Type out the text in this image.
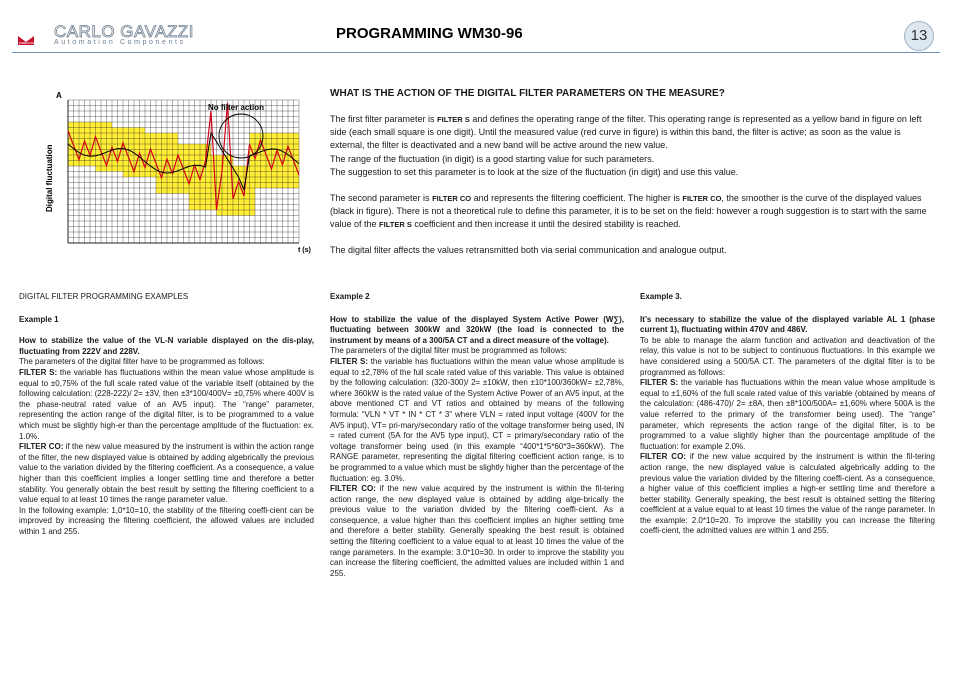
CARLO GAVAZZI
CARLO GAVAZZI
Automation Components
PROGRAMMING WM30-96	13
A
Digital fluctuation
t (s)
No filter action
WHAT IS THE ACTION OF THE DIGITAL FILTER PARAMETERS ON THE MEASURE?
The first filter parameter is FILTER S and defines the operating range of the filter. This operating range is represented as a yellow band in figure on left side (each small square is one digit). Until the measured value (red curve in figure) is within this band, the filter is active; as soon as the value is external, the filter is deactivated and a new band will be active around the new value.
The range of the fluctuation (in digit) is a good starting value for such parameters.
The suggestion to set this parameter is to look at the size of the fluctuation (in digit) and use this value.
The second parameter is FILTER CO and represents the filtering coefficient. The higher is FILTER CO, the smoother is the curve of the displayed values (black in figure). There is not a theoretical rule to define this parameter, it is to be set on the field: however a rough suggestion is to start with the same value of the FILTER S coefficient and then increase it until the desired stability is reached.
The digital filter affects the values retransmitted both via serial communication and analogue output.

DIGITAL FILTER PROGRAMMING EXAMPLES

Example 1

How to stabilize the value of the VL-N variable displayed on the dis-play, fluctuating from 222V and 228V.

The parameters of the digital filter have to be programmed as follows:

FILTER S: the variable has fluctuations within the mean value whose amplitude is equal to ±0,75% of the full scale rated value of the variable itself (obtained by the following calculation: (228-222)/ 2= ±3V, then ±3*100/400V= ±0,75% where 400V is the phase-neutral rated value of an AV5 input). The “range” parameter, representing the action range of the digital filter, is to be programmed to a value which must be slightly high-er than the percentage amplitude of the fluctuation: ex. 1.0%.

FILTER CO: if the new value measured by the instrument is within the action range of the filter, the new displayed value is obtained by adding algebrically the previous value to the variation divided by the filtering coefficient. As a consequence, a value higher than this coefficient implies a longer settling time and therefore a better stability. You generally obtain the best result by setting the filtering coefficient to a value equal to at least 10 times the range parameter value.

In the following example: 1,0*10=10, the stability of the filtering coeffi-cient can be improved by increasing the filtering coefficient, the allowed values are included within 1 and 255.

Example 2

How to stabilize the value of the displayed System Active Power (W∑), fluctuating between 300kW and 320kW (the load is connected to the instrument by means of a 300/5A CT and a direct measure of the voltage).

The parameters of the digital filter must be programmed as follows:

FILTER S: the variable has fluctuations within the mean value whose amplitude is equal to ±2,78% of the full scale rated value of this variable. This value is obtained by the following calculation: (320-300)/ 2= ±10kW, then ±10*100/360kW= ±2,78%, where 360kW is the rated value of the System Active Power of an AV5 input, at the above mentioned CT and VT ratios and obtained by means of the following formula: “VLN * VT * IN * CT * 3” where VLN = rated input voltage (400V for the AV5 input), VT= pri-mary/secondary ratio of the voltage transformer being used, IN = rated current (5A for the AV5 type input), CT = primary/secondary ratio of the voltage transformer being used (in this example “400*1*5*60*3=360kW). The RANGE parameter, representing the digital filtering coefficient action range, is to be programmed to a value which must be slightly higher than the percentage of the fluctuation: eg. 3.0%.

FILTER CO: if the new value acquired by the instrument is within the fil-tering action range, the new displayed value is obtained by adding alge-brically the previous value to the variation divided by the filtering coeffi-cient. As a consequence, a value higher than this coefficient implies an higher settling time and therefore a better stability. Generally speaking the best result is obtained setting the filtering coefficient to a value equal to at least 10 times the value of the range parameters. In the example: 3.0*10=30. In order to improve the stability you can increase the filtering coefficient, the admitted values are included within 1 and 255.

Example 3.

It’s necessary to stabilize the value of the displayed variable AL 1 (phase current 1), fluctuating within 470V and 486V.

To be able to manage the alarm function and activation and deactivation of the relay, this value is not to be subject to continuous fluctuations. In this example we have considered using a 500/5A CT. The parameters of the digital filter is to be programmed as follows:

FILTER S: the variable has fluctuations within the mean value whose amplitude is equal to ±1,60% of the full scale rated value of this variable (obtained by means of the calculation: (486-470)/ 2= ±8A, then ±8*100/500A= ±1,60% where 500A is the value referred to the primary of the transformer being used). The “range” parameter, which represents the action range of the digital filter, is to be programmed to a value slightly higher than the pourcentage amplitude of the fluctuation: for example 2.0%.

FILTER CO: if the new value acquired by the instrument is within the fil-tering action range, the new displayed value is calculated algebrically adding to the previous value the variation divided by the filtering coeffi-cient. As a consequence, a higher value of this coefficient implies a high-er settling time and therefore a better stability. Generally speaking, the best result is obtained setting the filtering coefficient at a value equal to at least 10 times the value of the range parameter. In the example: 2.0*10=20. To improve the stability you can increase the filtering coeffi-cient, the admitted values are within 1 and 255.
